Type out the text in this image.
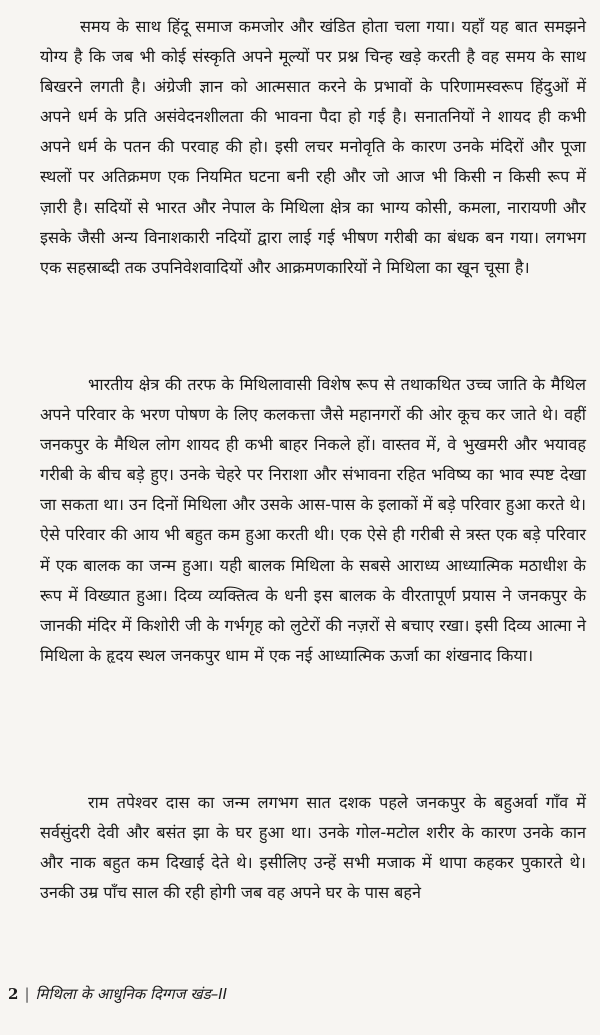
समय के साथ हिंदू समाज कमजोर और खंडित होता चला गया। यहाँ यह बात समझने योग्य है कि जब भी कोई संस्कृति अपने मूल्यों पर प्रश्न चिन्ह खड़े करती है वह समय के साथ बिखरने लगती है। अंग्रेजी ज्ञान को आत्मसात करने के प्रभावों के परिणामस्वरूप हिंदुओं में अपने धर्म के प्रति असंवेदनशीलता की भावना पैदा हो गई है। सनातनियों ने शायद ही कभी अपने धर्म के पतन की परवाह की हो। इसी लचर मनोवृति के कारण उनके मंदिरों और पूजा स्थलों पर अतिक्रमण एक नियमित घटना बनी रही और जो आज भी किसी न किसी रूप में ज़ारी है। सदियों से भारत और नेपाल के मिथिला क्षेत्र का भाग्य कोसी, कमला, नारायणी और इसके जैसी अन्य विनाशकारी नदियों द्वारा लाई गई भीषण गरीबी का बंधक बन गया। लगभग एक सहस्राब्दी तक उपनिवेशवादियों और आक्रमणकारियों ने मिथिला का खून चूसा है।

भारतीय क्षेत्र की तरफ के मिथिलावासी विशेष रूप से तथाकथित उच्च जाति के मैथिल अपने परिवार के भरण पोषण के लिए कलकत्ता जैसे महानगरों की ओर कूच कर जाते थे। वहीं जनकपुर के मैथिल लोग शायद ही कभी बाहर निकले हों। वास्तव में, वे भुखमरी और भयावह गरीबी के बीच बड़े हुए। उनके चेहरे पर निराशा और संभावना रहित भविष्य का भाव स्पष्ट देखा जा सकता था। उन दिनों मिथिला और उसके आस-पास के इलाकों में बड़े परिवार हुआ करते थे। ऐसे परिवार की आय भी बहुत कम हुआ करती थी। एक ऐसे ही गरीबी से त्रस्त एक बड़े परिवार में एक बालक का जन्म हुआ। यही बालक मिथिला के सबसे आराध्य आध्यात्मिक मठाधीश के रूप में विख्यात हुआ। दिव्य व्यक्तित्व के धनी इस बालक के वीरतापूर्ण प्रयास ने जनकपुर के जानकी मंदिर में किशोरी जी के गर्भगृह को लुटेरों की नज़रों से बचाए रखा। इसी दिव्य आत्मा ने मिथिला के हृदय स्थल जनकपुर धाम में एक नई आध्यात्मिक ऊर्जा का शंखनाद किया।

राम तपेश्वर दास का जन्म लगभग सात दशक पहले जनकपुर के बहुअर्वा गाँव में सर्वसुंदरी देवी और बसंत झा के घर हुआ था। उनके गोल-मटोल शरीर के कारण उनके कान और नाक बहुत कम दिखाई देते थे। इसीलिए उन्हें सभी मजाक में थापा कहकर पुकारते थे। उनकी उम्र पाँच साल की रही होगी जब वह अपने घर के पास बहने

2 | मिथिला के आधुनिक दिग्गज खंड–II
